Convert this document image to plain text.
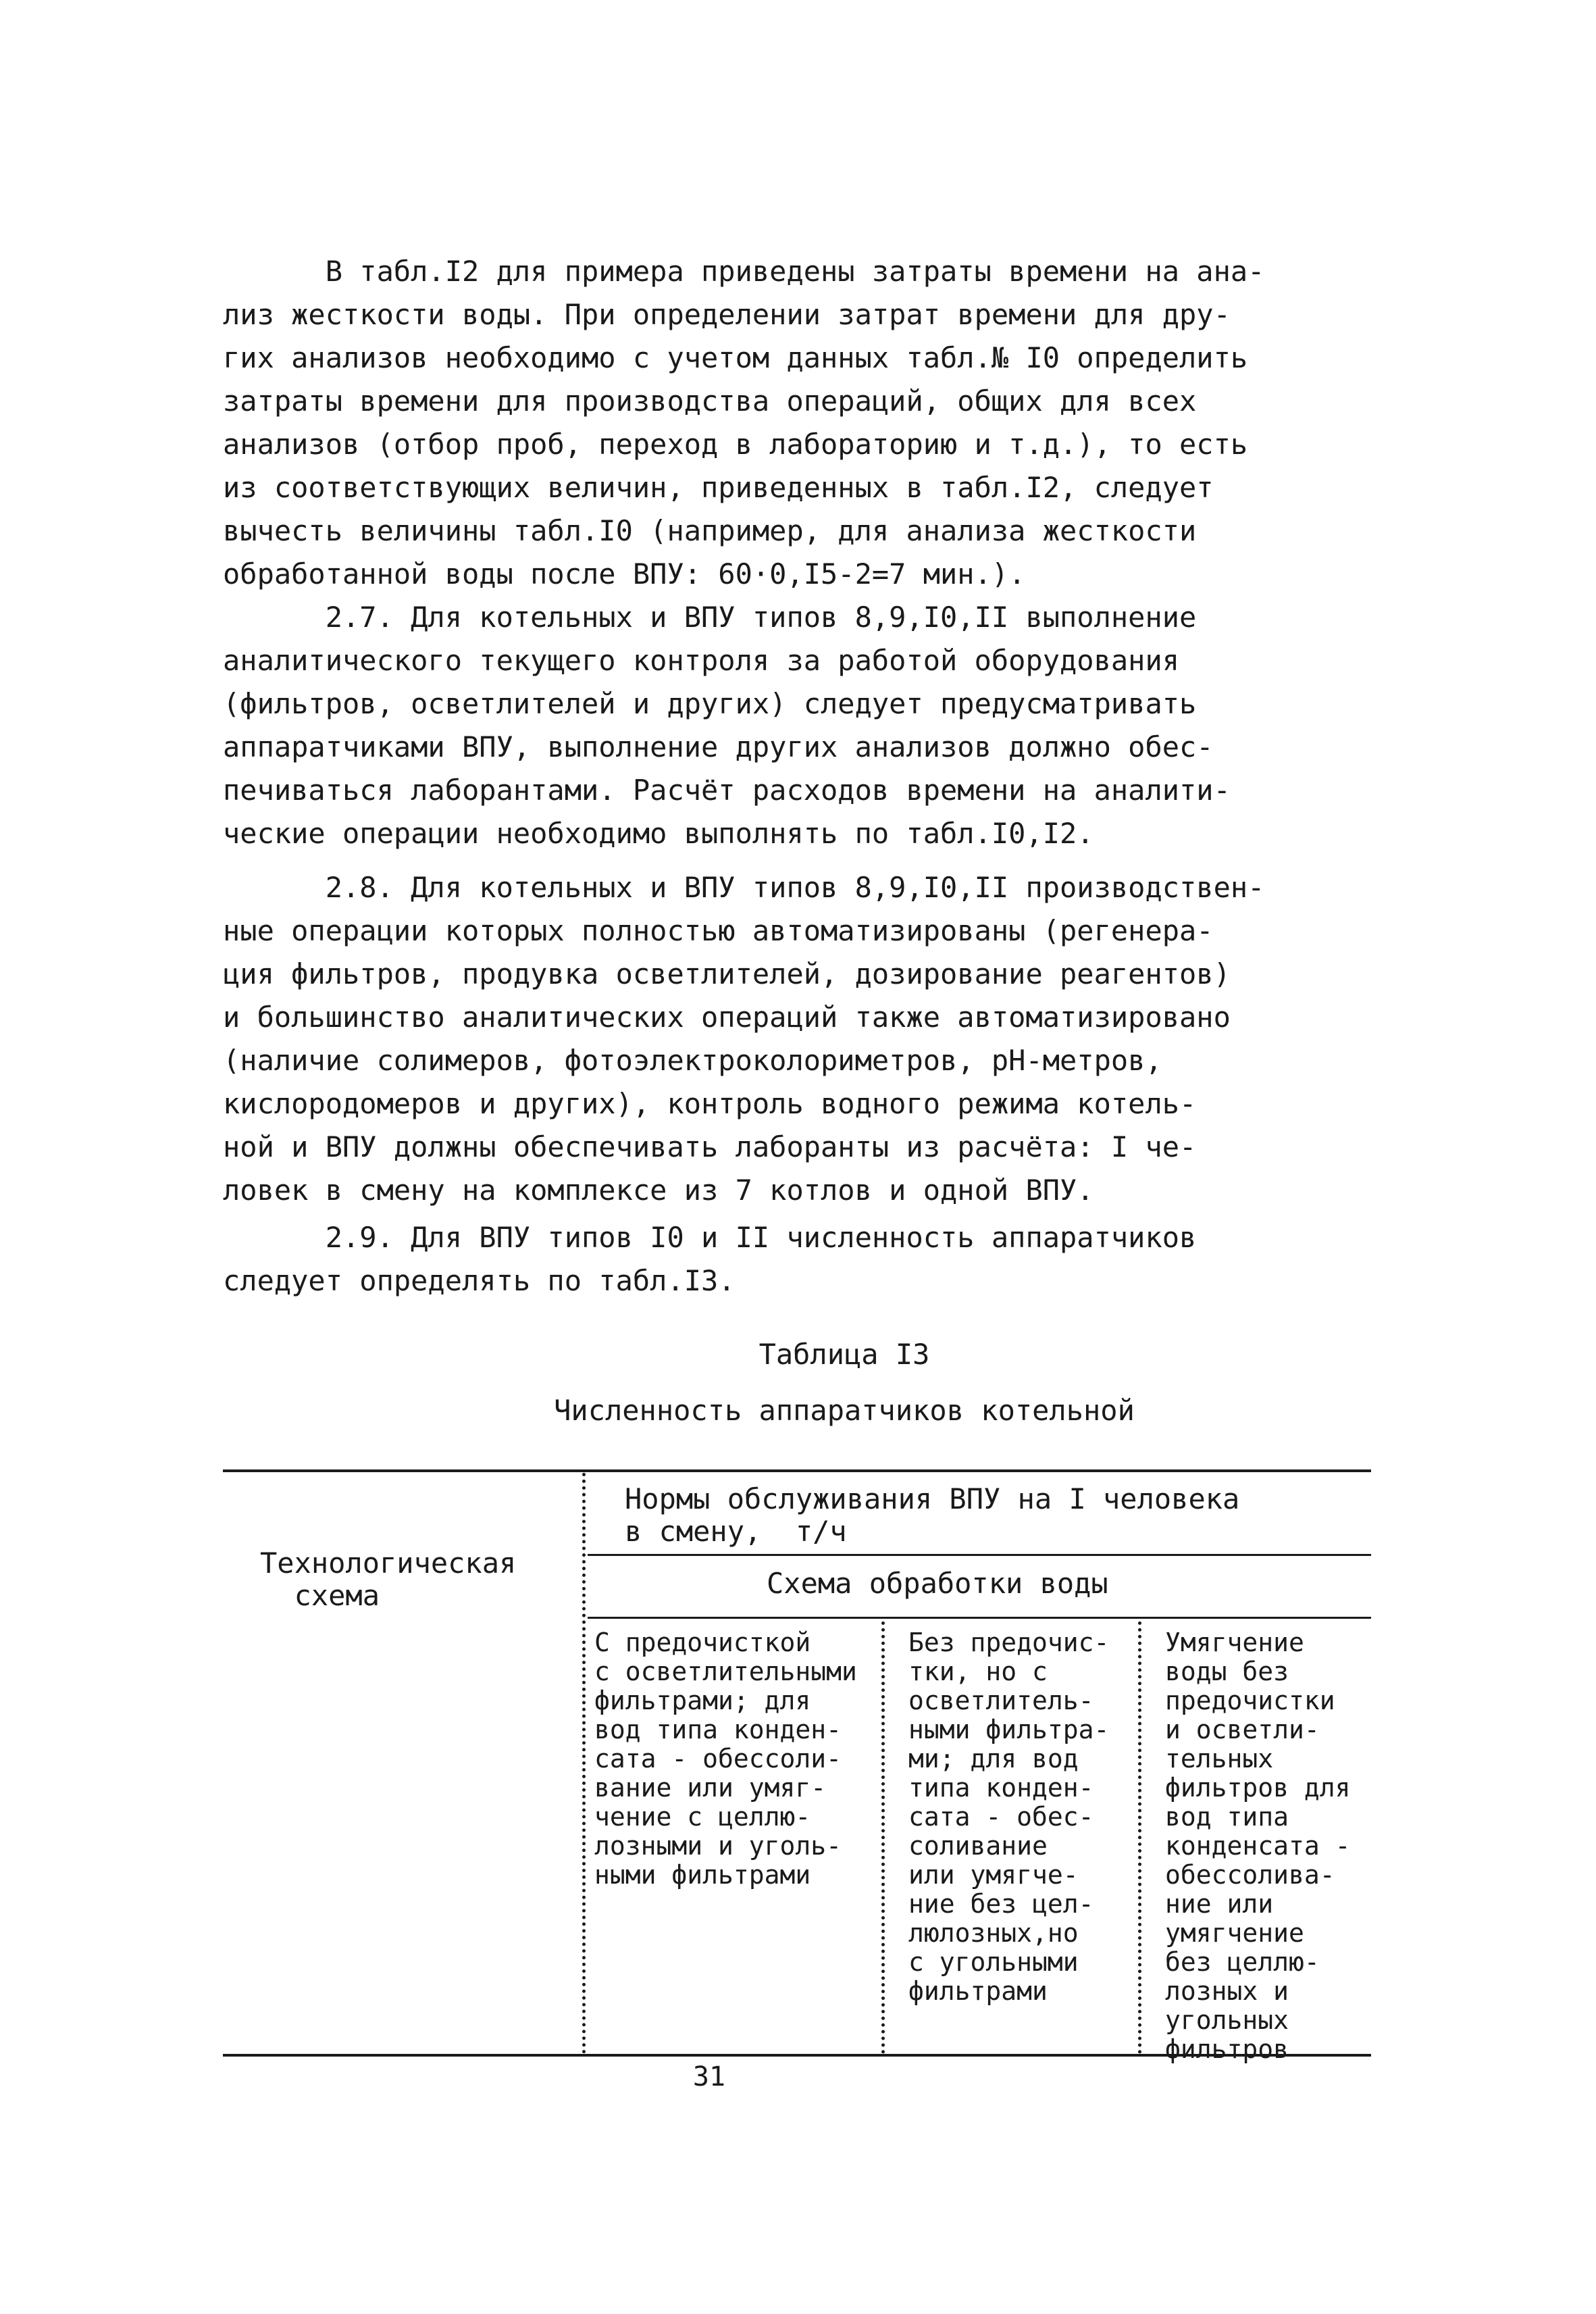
В табл.I2 для примера приведены затраты времени на ана-
лиз жесткости воды. При определении затрат времени для дру-
гих анализов необходимо с учетом данных табл.№ I0 определить
затраты времени для производства операций, общих для всех
анализов (отбор проб, переход в лабораторию и т.д.), то есть
из соответствующих величин, приведенных в табл.I2, следует
вычесть величины табл.I0 (например, для анализа жесткости
обработанной воды после ВПУ: 60·0,I5-2=7 мин.).
2.7. Для котельных и ВПУ типов 8,9,I0,II выполнение
аналитического текущего контроля за работой оборудования
(фильтров, осветлителей и других) следует предусматривать
аппаратчиками ВПУ, выполнение других анализов должно обес-
печиваться лаборантами. Расчёт расходов времени на аналити-
ческие операции необходимо выполнять по табл.I0,I2.
2.8. Для котельных и ВПУ типов 8,9,I0,II производствен-
ные операции которых полностью автоматизированы (регенера-
ция фильтров, продувка осветлителей, дозирование реагентов)
и большинство аналитических операций также автоматизировано
(наличие солимеров, фотоэлектроколориметров, pH-метров,
кислородомеров и других), контроль водного режима котель-
ной и ВПУ должны обеспечивать лаборанты из расчёта: I че-
ловек в смену на комплексе из 7 котлов и одной ВПУ.
2.9. Для ВПУ типов I0 и II численность аппаратчиков
следует определять по табл.I3.
Таблица I3
Численность аппаратчиков котельной
Технологическая
схема
Нормы обслуживания ВПУ на I человека
в смену,  т/ч
Схема обработки воды
С предочисткой
с осветлительными
фильтрами; для
вод типа конден-
сата - обессоли-
вание или умяг-
чение с целлю-
лозными и уголь-
ными фильтрами
Без предочис-
тки, но с
осветлитель-
ными фильтра-
ми; для вод
типа конден-
сата - обес-
соливание
или умягче-
ние без цел-
люлозных,но
с угольными
фильтрами
Умягчение
воды без
предочистки
и осветли-
тельных
фильтров для
вод типа
конденсата -
обессолива-
ние или
умягчение
без целлю-
лозных и
угольных
фильтров
31
